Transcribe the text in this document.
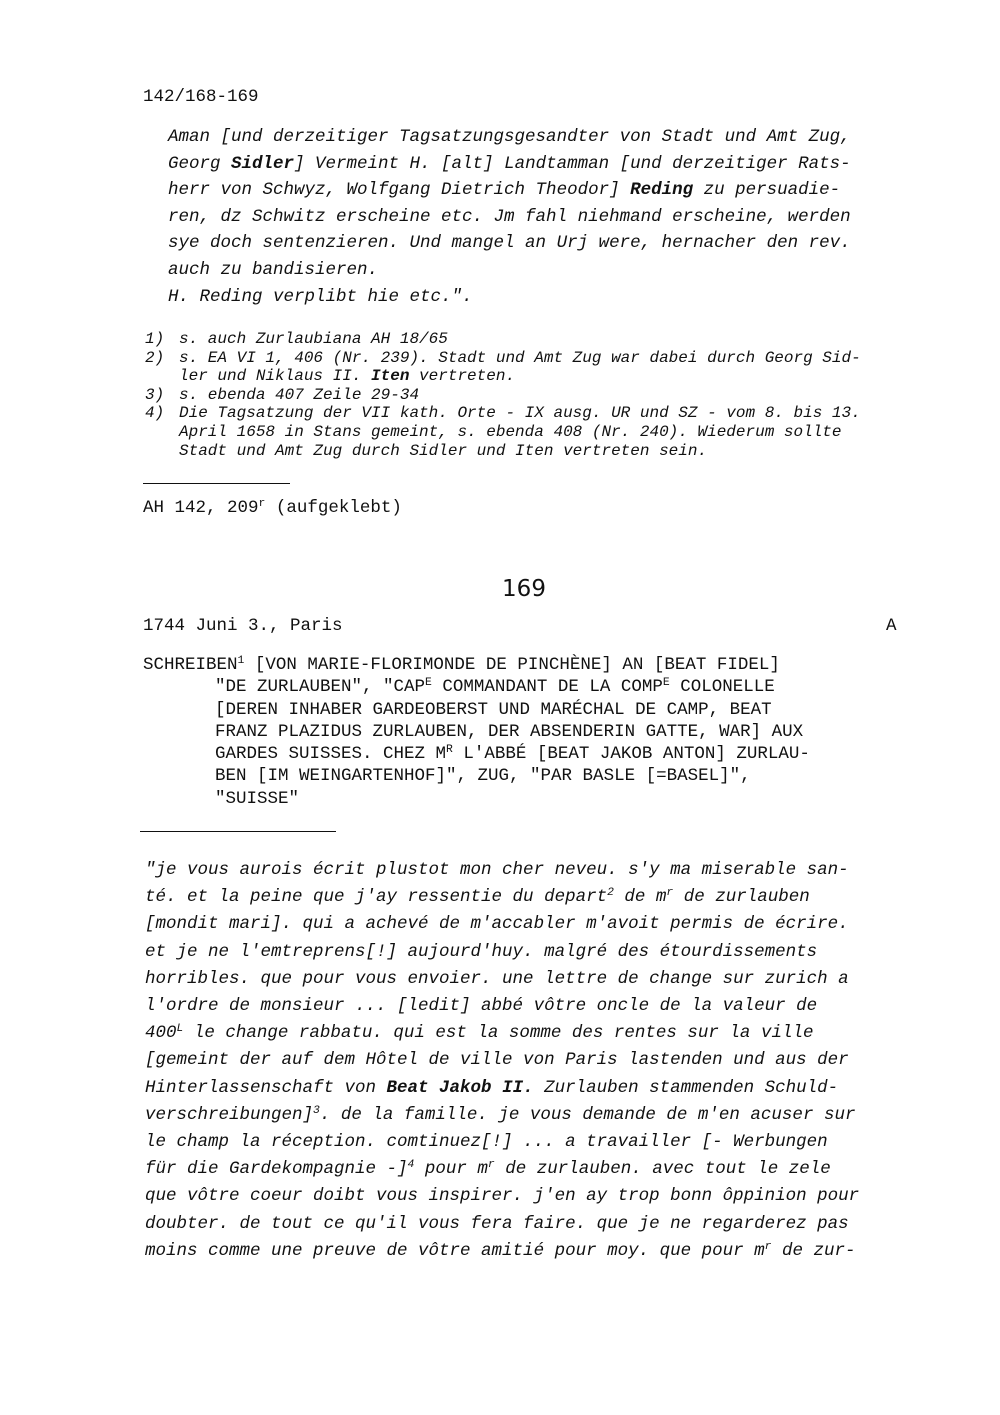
142/168-169
Aman [und derzeitiger Tagsatzungsgesandter von Stadt und Amt Zug,
Georg Sidler] Vermeint H. [alt] Landtamman [und derzeitiger Rats-
herr von Schwyz, Wolfgang Dietrich Theodor] Reding zu persuadie-
ren, dz Schwitz erscheine etc. Jm fahl niehmand erscheine, werden
sye doch sentenzieren. Und mangel an Urj were, hernacher den rev.
auch zu bandisieren.
H. Reding verplibt hie etc.".
1) s. auch Zurlaubiana AH 18/65
2) s. EA VI 1, 406 (Nr. 239). Stadt und Amt Zug war dabei durch Georg Sid-
ler und Niklaus II. Iten vertreten.
3) s. ebenda 407 Zeile 29-34
4) Die Tagsatzung der VII kath. Orte - IX ausg. UR und SZ - vom 8. bis 13.
April 1658 in Stans gemeint, s. ebenda 408 (Nr. 240). Wiederum sollte
Stadt und Amt Zug durch Sidler und Iten vertreten sein.
AH 142, 209$^r$ (aufgeklebt)
169
1744 Juni 3., Paris	A
SCHREIBEN$^1$ [VON MARIE-FLORIMONDE DE PINCHÈNE] AN [BEAT FIDEL]
"DE ZURLAUBEN", "$CAP^E$ COMMANDANT DE LA $COMP^E$ COLONELLE
[DEREN INHABER GARDEOBERST UND MARÉCHAL DE CAMP, BEAT
FRANZ PLAZIDUS ZURLAUBEN, DER ABSENDERIN GATTE, WAR] AUX
GARDES SUISSES. CHEZ $M^R$ L'ABBÉ [BEAT JAKOB ANTON] ZURLAU-
BEN [IM WEINGARTENHOF]", ZUG, "PAR BASLE [=BASEL]",
"SUISSE"
"je vous aurois écrit plustot mon cher neveu. s'y ma miserable san-
té. et la peine que j'ay ressentie du depart$^2$ de $m^r$ de zurlauben
[mondit mari]. qui a achevé de m'accabler m'avoit permis de écrire.
et je ne l'emtreprens[!] aujourd'huy. malgré des étourdissements
horribles. que pour vous envoier. une lettre de change sur zurich a
l'ordre de monsieur ... [ledit] abbé vôtre oncle de la valeur de
$400^L$ le change rabbatu. qui est la somme des rentes sur la ville
[gemeint der auf dem Hôtel de ville von Paris lastenden und aus der
Hinterlassenschaft von Beat Jakob II. Zurlauben stammenden Schuld-
verschreibungen]$^3$. de la famille. je vous demande de m'en acuser sur
le champ la réception. comtinuez[!] ... a travailler [- Werbungen
für die Gardekompagnie -]$^4$ pour $m^r$ de zurlauben. avec tout le zele
que vôtre coeur doibt vous inspirer. j'en ay trop bonn ôppinion pour
doubter. de tout ce qu'il vous fera faire. que je ne regarderez pas
moins comme une preuve de vôtre amitié pour moy. que pour $m^r$ de zur-
